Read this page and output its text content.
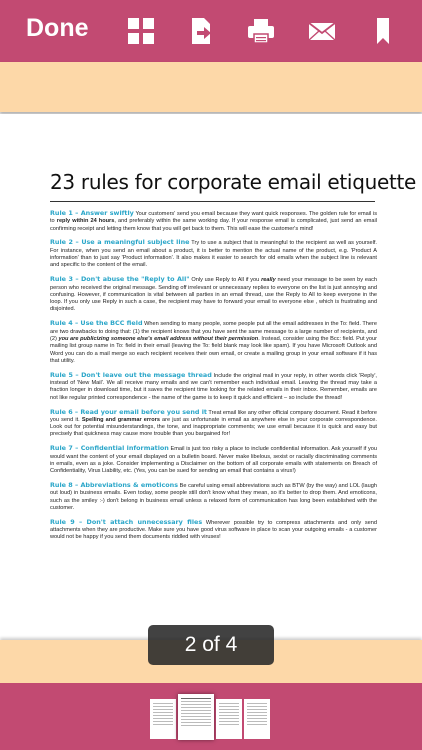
Done
23 rules for corporate email etiquette

Rule 1 – Answer swiftly Your customers' send you email because they want quick responses. The golden rule for email is to reply within 24 hours, and preferably within the same working day. If your response email is complicated, just send an email confirming receipt and letting them know that you will get back to them. This will ease the customer's mind!

Rule 2 – Use a meaningful subject line Try to use a subject that is meaningful to the recipient as well as yourself. For instance, when you send an email about a product, it is better to mention the actual name of the product, e.g. 'Product A information' than to just say 'Product information'. It also makes it easier to search for old emails when the subject line is relevant and specific to the content of the email.

Rule 3 – Don't abuse the "Reply to All" Only use Reply to All if you really need your message to be seen by each person who received the original message. Sending off irrelevant or unnecessary replies to everyone on the list is just annoying and confusing. However, if communication is vital between all parties in an email thread, use the Reply to All to keep everyone in the loop. If you only use Reply in such a case, the recipient may have to forward your email to everyone else , which is frustrating and disjointed.

Rule 4 – Use the BCC field When sending to many people, some people put all the email addresses in the To: field. There are two drawbacks to doing that: (1) the recipient knows that you have sent the same message to a large number of recipients, and (2) you are publicizing someone else's email address without their permission. Instead, consider using the Bcc: field. Put your mailing list group name in To: field in their email (leaving the To: field blank may look like spam). If you have Microsoft Outlook and Word you can do a mail merge so each recipient receives their own email, or create a mailing group in your email software if it has that utility.

Rule 5 – Don't leave out the message thread Include the original mail in your reply, in other words click 'Reply', instead of 'New Mail'. We all receive many emails and we can't remember each individual email. Leaving the thread may take a fraction longer in download time, but it saves the recipient time looking for the related emails in their inbox. Remember, emails are not like regular printed correspondence - the name of the game is to keep it quick and efficient – so include the thread!

Rule 6 – Read your email before you send it Treat email like any other official company document. Read it before you send it. Spelling and grammar errors are just as unfortunate in email as anywhere else in your corporate correspondence. Look out for potential misunderstandings, the tone, and inappropriate comments; we use email because it is quick and easy but precisely that quickness may cause more trouble than you bargained for!

Rule 7 – Confidential information Email is just too risky a place to include confidential information. Ask yourself if you would want the content of your email displayed on a bulletin board. Never make libelous, sexist or racially discriminating comments in emails, even as a joke. Consider implementing a Disclaimer on the bottom of all corporate emails with statements on Breach of Confidentiality, Virus Liability, etc. (Yes, you can be sued for sending an email that contains a virus!)

Rule 8 – Abbreviations & emoticons Be careful using email abbreviations such as BTW (by the way) and LOL (laugh out loud) in business emails. Even today, some people still don't know what they mean, so it's better to drop them. And emoticons, such as the smiley :-) don't belong in business email unless a relaxed form of communication has long been established with the customer.

Rule 9 – Don't attach unnecessary files Wherever possible try to compress attachments and only send attachments when they are productive. Make sure you have good virus software in place to scan your outgoing emails - a customer would not be happy if you send them documents riddled with viruses!

2 of 4
